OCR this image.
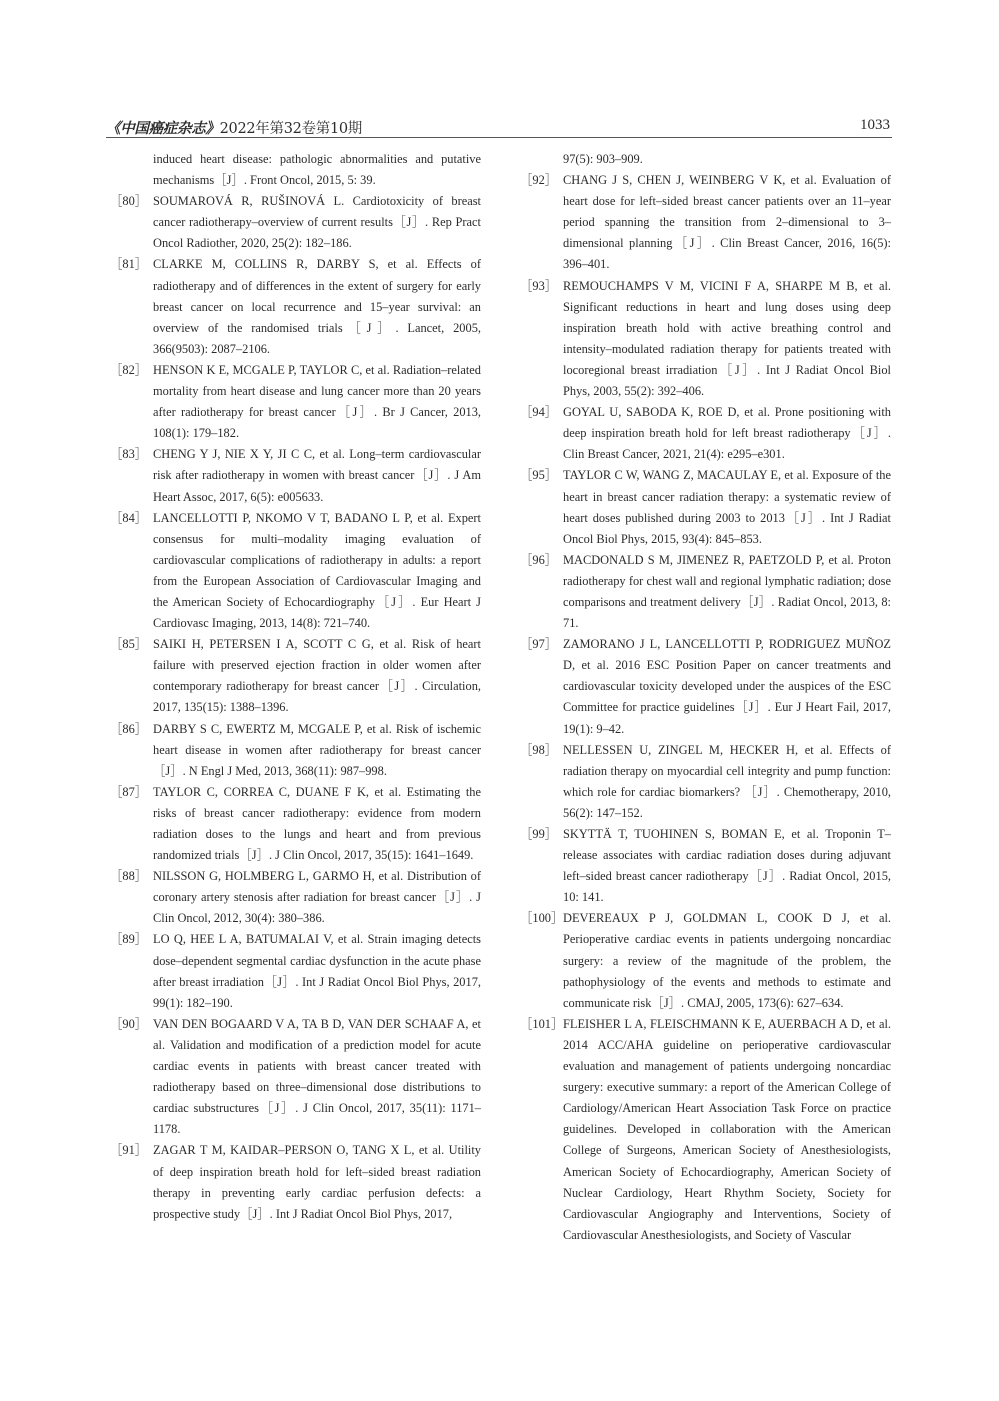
《中国癌症杂志》2022年第32卷第10期	1033

induced heart disease: pathologic abnormalities and putative mechanisms［J］. Front Oncol, 2015, 5: 39.

［80］ SOUMAROVÁ R, RUŠINOVÁ L. Cardiotoxicity of breast cancer radiotherapy–overview of current results［J］. Rep Pract Oncol Radiother, 2020, 25(2): 182–186.

［81］ CLARKE M, COLLINS R, DARBY S, et al. Effects of radiotherapy and of differences in the extent of surgery for early breast cancer on local recurrence and 15–year survival: an overview of the randomised trials［J］. Lancet, 2005, 366(9503): 2087–2106.

［82］ HENSON K E, MCGALE P, TAYLOR C, et al. Radiation–related mortality from heart disease and lung cancer more than 20 years after radiotherapy for breast cancer［J］. Br J Cancer, 2013, 108(1): 179–182.

［83］ CHENG Y J, NIE X Y, JI C C, et al. Long–term cardiovascular risk after radiotherapy in women with breast cancer［J］. J Am Heart Assoc, 2017, 6(5): e005633.

［84］ LANCELLOTTI P, NKOMO V T, BADANO L P, et al. Expert consensus for multi–modality imaging evaluation of cardiovascular complications of radiotherapy in adults: a report from the European Association of Cardiovascular Imaging and the American Society of Echocardiography［J］. Eur Heart J Cardiovasc Imaging, 2013, 14(8): 721–740.

［85］ SAIKI H, PETERSEN I A, SCOTT C G, et al. Risk of heart failure with preserved ejection fraction in older women after contemporary radiotherapy for breast cancer［J］. Circulation, 2017, 135(15): 1388–1396.

［86］ DARBY S C, EWERTZ M, MCGALE P, et al. Risk of ischemic heart disease in women after radiotherapy for breast cancer ［J］. N Engl J Med, 2013, 368(11): 987–998.

［87］ TAYLOR C, CORREA C, DUANE F K, et al. Estimating the risks of breast cancer radiotherapy: evidence from modern radiation doses to the lungs and heart and from previous randomized trials［J］. J Clin Oncol, 2017, 35(15): 1641–1649.

［88］ NILSSON G, HOLMBERG L, GARMO H, et al. Distribution of coronary artery stenosis after radiation for breast cancer［J］. J Clin Oncol, 2012, 30(4): 380–386.

［89］ LO Q, HEE L A, BATUMALAI V, et al. Strain imaging detects dose–dependent segmental cardiac dysfunction in the acute phase after breast irradiation［J］. Int J Radiat Oncol Biol Phys, 2017, 99(1): 182–190.

［90］ VAN DEN BOGAARD V A, TA B D, VAN DER SCHAAF A, et al. Validation and modification of a prediction model for acute cardiac events in patients with breast cancer treated with radiotherapy based on three–dimensional dose distributions to cardiac substructures［J］. J Clin Oncol, 2017, 35(11): 1171–1178.

［91］ ZAGAR T M, KAIDAR–PERSON O, TANG X L, et al. Utility of deep inspiration breath hold for left–sided breast radiation therapy in preventing early cardiac perfusion defects: a prospective study［J］. Int J Radiat Oncol Biol Phys, 2017,

97(5): 903–909.

［92］ CHANG J S, CHEN J, WEINBERG V K, et al. Evaluation of heart dose for left–sided breast cancer patients over an 11–year period spanning the transition from 2–dimensional to 3–dimensional planning［J］. Clin Breast Cancer, 2016, 16(5): 396–401.

［93］ REMOUCHAMPS V M, VICINI F A, SHARPE M B, et al. Significant reductions in heart and lung doses using deep inspiration breath hold with active breathing control and intensity–modulated radiation therapy for patients treated with locoregional breast irradiation［J］. Int J Radiat Oncol Biol Phys, 2003, 55(2): 392–406.

［94］ GOYAL U, SABODA K, ROE D, et al. Prone positioning with deep inspiration breath hold for left breast radiotherapy［J］. Clin Breast Cancer, 2021, 21(4): e295–e301.

［95］ TAYLOR C W, WANG Z, MACAULAY E, et al. Exposure of the heart in breast cancer radiation therapy: a systematic review of heart doses published during 2003 to 2013［J］. Int J Radiat Oncol Biol Phys, 2015, 93(4): 845–853.

［96］ MACDONALD S M, JIMENEZ R, PAETZOLD P, et al. Proton radiotherapy for chest wall and regional lymphatic radiation; dose comparisons and treatment delivery［J］. Radiat Oncol, 2013, 8: 71.

［97］ ZAMORANO J L, LANCELLOTTI P, RODRIGUEZ MUÑOZ D, et al. 2016 ESC Position Paper on cancer treatments and cardiovascular toxicity developed under the auspices of the ESC Committee for practice guidelines［J］. Eur J Heart Fail, 2017, 19(1): 9–42.

［98］ NELLESSEN U, ZINGEL M, HECKER H, et al. Effects of radiation therapy on myocardial cell integrity and pump function: which role for cardiac biomarkers? ［J］. Chemotherapy, 2010, 56(2): 147–152.

［99］ SKYTTÄ T, TUOHINEN S, BOMAN E, et al. Troponin T–release associates with cardiac radiation doses during adjuvant left–sided breast cancer radiotherapy［J］. Radiat Oncol, 2015, 10: 141.

［100］ DEVEREAUX P J, GOLDMAN L, COOK D J, et al. Perioperative cardiac events in patients undergoing noncardiac surgery: a review of the magnitude of the problem, the pathophysiology of the events and methods to estimate and communicate risk［J］. CMAJ, 2005, 173(6): 627–634.

［101］ FLEISHER L A, FLEISCHMANN K E, AUERBACH A D, et al. 2014 ACC/AHA guideline on perioperative cardiovascular evaluation and management of patients undergoing noncardiac surgery: executive summary: a report of the American College of Cardiology/American Heart Association Task Force on practice guidelines. Developed in collaboration with the American College of Surgeons, American Society of Anesthesiologists, American Society of Echocardiography, American Society of Nuclear Cardiology, Heart Rhythm Society, Society for Cardiovascular Angiography and Interventions, Society of Cardiovascular Anesthesiologists, and Society of Vascular
